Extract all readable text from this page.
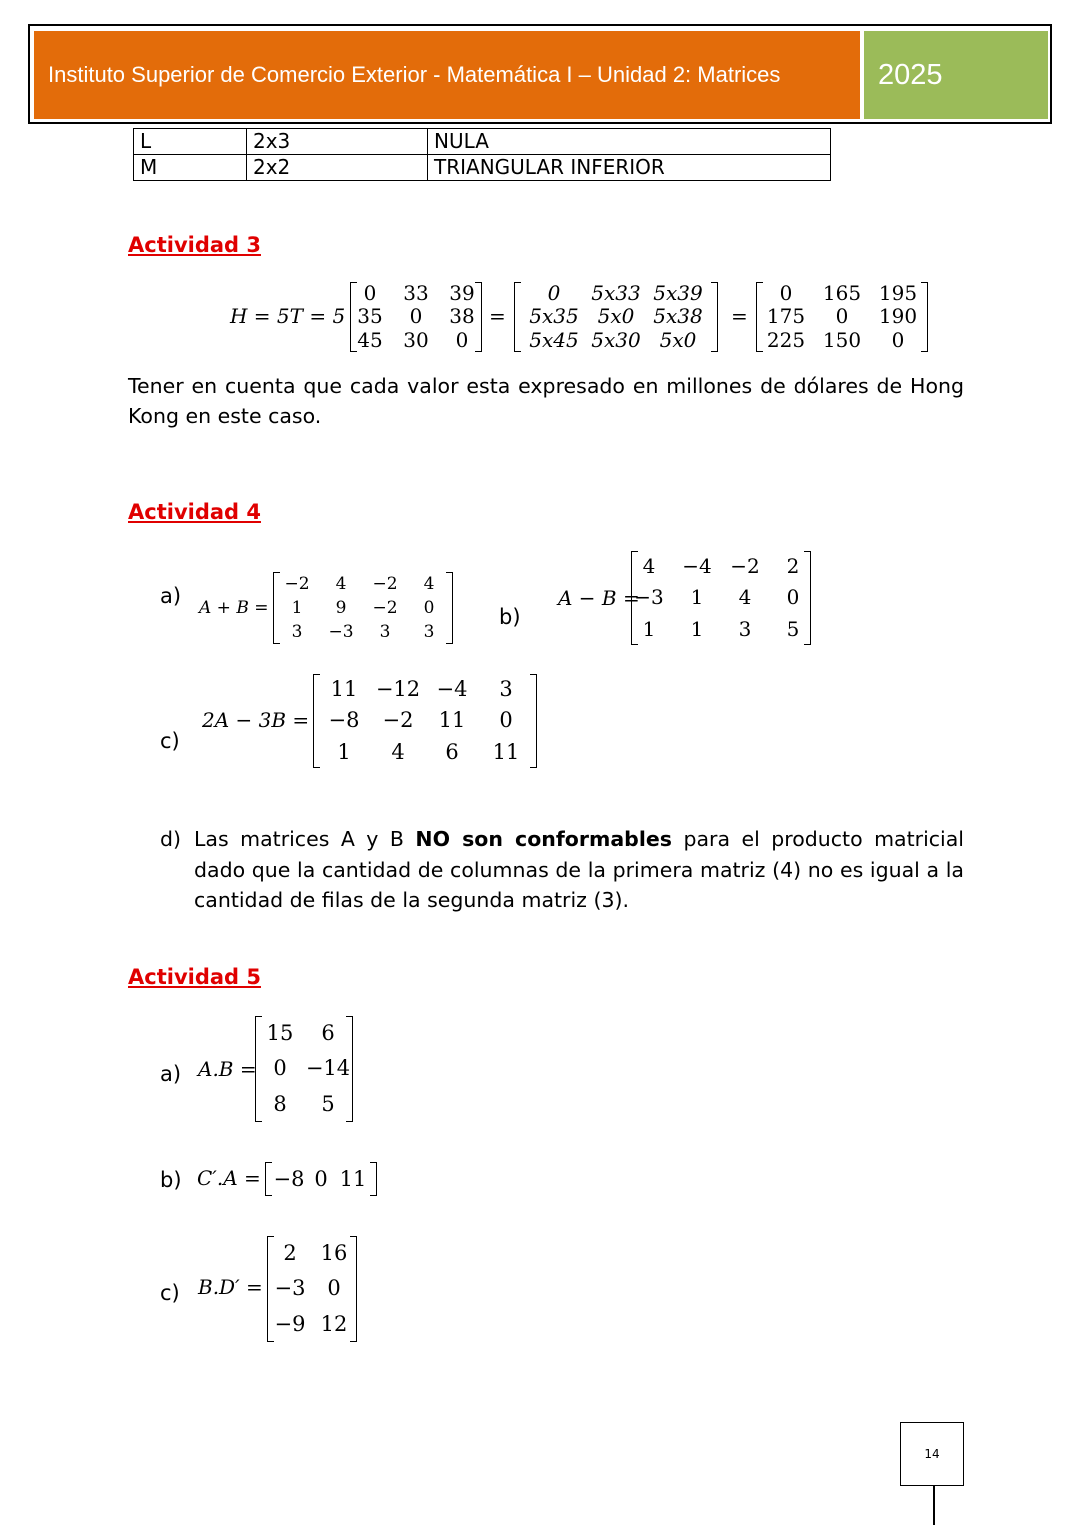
Instituto Superior de Comercio Exterior - Matemática I – Unidad 2: Matrices	2025
L	2x3	NULA
M	2x2	TRIANGULAR INFERIOR
Actividad 3
H = 5T = 5
0	33	39
35	0	38
45	30	0
=
0	5x33 5x39
5x35 5x0 5x38
5x45 5x30 5x0
=
0	165 195
175	0	190
225 150	0
Tener en cuenta que cada valor esta expresado en millones de dólares de Hong Kong en este caso.
Actividad 4
a) A + B =
−2	4	−2	4
1	9	−2	0
3	−3	3	3
b)
A − B =
4	−4 −2	2
−3	1	4	0
1	1	3	5
c)
2A − 3B =
11 −12 −4	3
−8	−2	11	0
1	4	6	11
d) Las matrices A y B NO son conformables para el producto matricial dado que la cantidad de columnas de la primera matriz (4) no es igual a la cantidad de filas de la segunda matriz (3).
Actividad 5
a) A.B =
15	6
0 −14
8	5
b) C′.A = −8 0 11
c) B.D′ =
2	16
−3	0
−9 12
14
